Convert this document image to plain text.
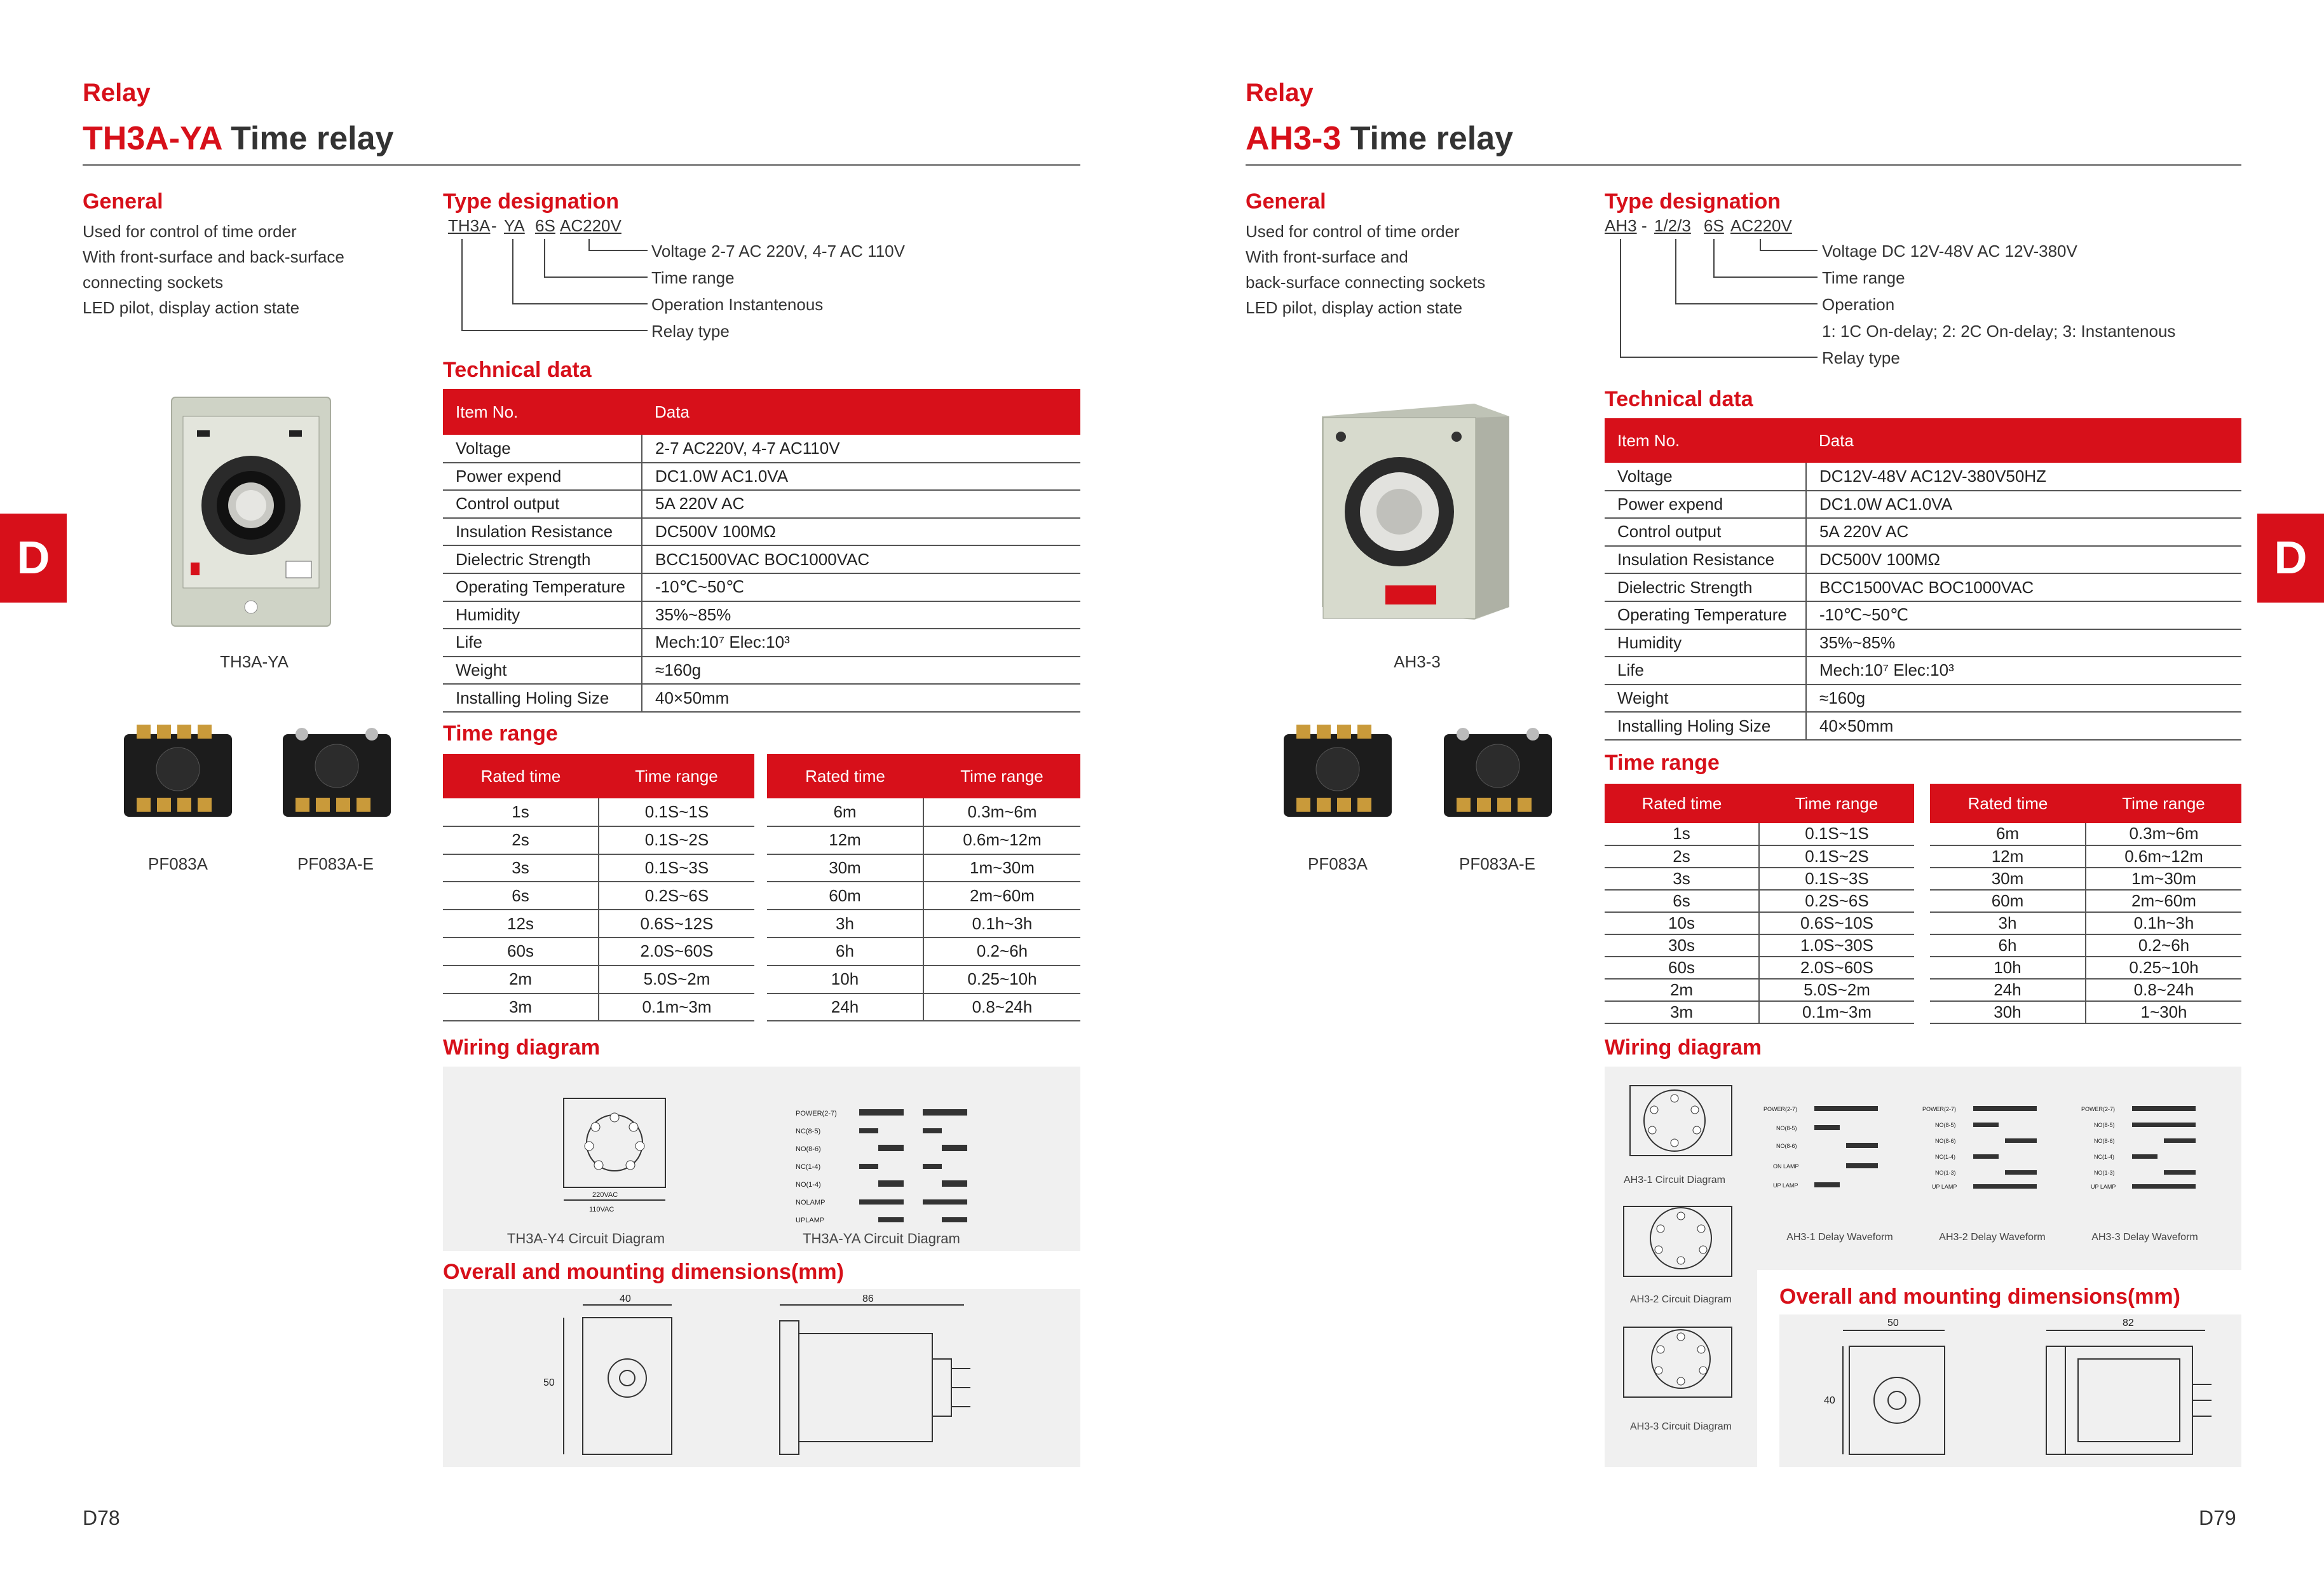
Relay
TH3A-YA Time relay
General
Used for control of time order
With front-surface and back-surface
connecting sockets
LED pilot, display action state
Type designation
TH3A - YA 6S AC220V
Voltage 2-7 AC 220V, 4-7 AC 110V
Time range
Operation Instantenous
Relay type
TH3A-YA
PF083A	PF083A-E
Technical data
Item No.	Data
Voltage	2-7 AC220V, 4-7 AC110V
Power expend	DC1.0W AC1.0VA
Control output	5A 220V AC
Insulation Resistance	DC500V 100MΩ
Dielectric Strength	BCC1500VAC BOC1000VAC
Operating Temperature	-10℃~50℃
Humidity	35%~85%
Life	Mech:10⁷ Elec:10³
Weight	≈160g
Installing Holing Size	40×50mm
Time range
Rated time	Time range
1s	0.1S~1S
2s	0.1S~2S
3s	0.1S~3S
6s	0.2S~6S
12s	0.6S~12S
60s	2.0S~60S
2m	5.0S~2m
3m	0.1m~3m
Rated time	Time range
6m	0.3m~6m
12m	0.6m~12m
30m	1m~30m
60m	2m~60m
3h	0.1h~3h
6h	0.2~6h
10h	0.25~10h
24h	0.8~24h
Wiring diagram
220VAC
110VAC
POWER(2-7)
NC(8-5)
NO(8-6)
NC(1-4)
NO(1-4)
NOLAMP
UPLAMP
TH3A-Y4 Circuit Diagram	TH3A-YA Circuit Diagram
Overall and mounting dimensions(mm)
40
50
86
D78
D
Relay
AH3-3 Time relay
General
Used for control of time order
With front-surface and
back-surface connecting sockets
LED pilot, display action state
Type designation
AH3 - 1/2/3 6S AC220V
Voltage DC 12V-48V AC 12V-380V
Time range
Operation
1: 1C On-delay; 2: 2C On-delay; 3: Instantenous
Relay type
AH3-3
PF083A	PF083A-E
Technical data
Item No.	Data
Voltage	DC12V-48V AC12V-380V50HZ
Power expend	DC1.0W AC1.0VA
Control output	5A 220V AC
Insulation Resistance	DC500V 100MΩ
Dielectric Strength	BCC1500VAC BOC1000VAC
Operating Temperature	-10℃~50℃
Humidity	35%~85%
Life	Mech:10⁷ Elec:10³
Weight	≈160g
Installing Holing Size	40×50mm
Time range
Rated time	Time range
1s	0.1S~1S
2s	0.1S~2S
3s	0.1S~3S
6s	0.2S~6S
10s	0.6S~10S
30s	1.0S~30S
60s	2.0S~60S
2m	5.0S~2m
3m	0.1m~3m
Rated time	Time range
6m	0.3m~6m
12m	0.6m~12m
30m	1m~30m
60m	2m~60m
3h	0.1h~3h
6h	0.2~6h
10h	0.25~10h
24h	0.8~24h
30h	1~30h
Wiring diagram
AH3-1 Circuit Diagram
AH3-2 Circuit Diagram
AH3-3 Circuit Diagram
POWER(2-7)
NO(8-5)
NO(8-6)
ON LAMP
UP LAMP
POWER(2-7)
NO(8-5)
NO(8-6)
NC(1-4)
NO(1-3)
UP LAMP
POWER(2-7)
NO(8-5)
NO(8-6)
NC(1-4)
NO(1-3)
UP LAMP
AH3-1 Delay Waveform	AH3-2 Delay Waveform	AH3-3 Delay Waveform
Overall and mounting dimensions(mm)
50
40
82
D79
D
